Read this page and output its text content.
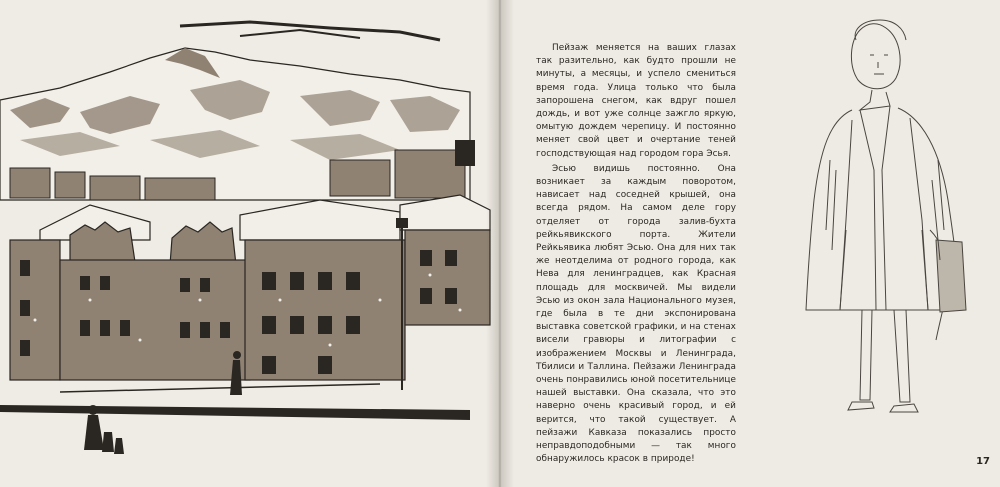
Пейзаж меняется на ваших глазах так разительно, как будто прошли не минуты, а месяцы, и успело смениться время года. Улица только что была запорошена снегом, как вдруг пошел дождь, и вот уже солнце зажгло яркую, омытую дождем черепицу. И постоянно меняет свой цвет и очертание теней господствующая над городом гора Эсья.

Эсью видишь постоянно. Она возникает за каждым поворотом, нависает над соседней крышей, она всегда рядом. На самом деле гору отделяет от города залив-бухта рейкьявикского порта. Жители Рейкьявика любят Эсью. Она для них так же неотделима от родного города, как Нева для ленинградцев, как Красная площадь для москвичей. Мы видели Эсью из окон зала Национального музея, где была в те дни экспонирована выставка советской графики, и на стенах висели гравюры и литографии с изображением Москвы и Ленинграда, Тбилиси и Таллина. Пейзажи Ленинграда очень понравились юной посетительнице нашей выставки. Она сказала, что это наверно очень красивый город, и ей верится, что такой существует. А пейзажи Кавказа показались просто неправдоподобными — так много обнаружилось красок в природе!	17
